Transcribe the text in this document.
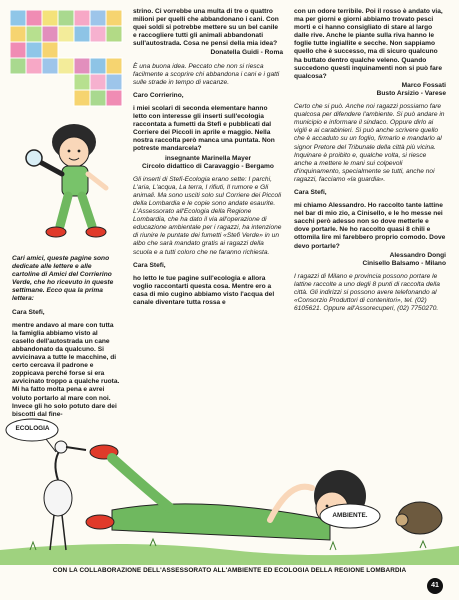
Cari amici, queste pagine sono dedicate alle lettere e alle cartoline di Amici del Corrierino Verde, che ho ricevuto in queste settimane. Ecco qua la prima lettera:

Cara Stefi,

mentre andavo al mare con tutta la famiglia abbiamo visto al casello dell'autostrada un cane abbandonato da qualcuno. Si avvicinava a tutte le macchine, di certo cercava il padrone e zoppicava perché forse si era avvicinato troppo a qualche ruota. Mi ha fatto molta pena e avrei voluto portarlo al mare con noi. Invece gli ho solo potuto dare dei biscotti dal fine-

strino. Ci vorrebbe una multa di tre o quattro milioni per quelli che abbandonano i cani. Con quei soldi si potrebbe mettere su un bel canile e raccogliere tutti gli animali abbandonati sull'autostrada. Cosa ne pensi della mia idea?

Donatella Guidi - Roma

È una buona idea. Peccato che non si riesca facilmente a scoprire chi abbandona i cani e i gatti sulle strade in tempo di vacanze.

Caro Corrierino,

i miei scolari di seconda elementare hanno letto con interesse gli inserti sull'ecologia raccontata a fumetti da Stefi e pubblicati dal Corriere dei Piccoli in aprile e maggio. Nella nostra raccolta però manca una puntata. Non potreste mandarcela?

insegnante Marinella Mayer

Circolo didattico di Caravaggio - Bergamo

Gli inserti di Stefi-Ecologia erano sette: I parchi, L'aria, L'acqua, La terra, I rifiuti, Il rumore e Gli animali. Ma sono usciti solo sul Corriere dei Piccoli della Lombardia e le copie sono andate esaurite. L'Assessorato all'Ecologia della Regione Lombardia, che ha dato il via all'operazione di educazione ambientale per i ragazzi, ha intenzione di riunire le puntate dei fumetti «Stefi Verde» in un albo che sarà mandato gratis ai ragazzi della scuola e a tutti coloro che ne faranno richiesta.

Cara Stefi,

ho letto le tue pagine sull'ecologia e allora voglio raccontarti questa cosa. Mentre ero a casa di mio cugino abbiamo visto l'acqua del canale diventare tutta rossa e

con un odore terribile. Poi il rosso è andato via, ma per giorni e giorni abbiamo trovato pesci morti e ci hanno consigliato di stare al largo dalle rive. Anche le piante sulla riva hanno le foglie tutte ingiallite e secche. Non sappiamo quello che è successo, ma di sicuro qualcuno ha buttato dentro qualche veleno. Quando succedono questi inquinamenti non si può fare qualcosa?

Marco Fossati

Busto Arsizio - Varese

Certo che si può. Anche noi ragazzi possiamo fare qualcosa per difendere l'ambiente. Si può andare in municipio e informare il sindaco. Oppure dirlo ai vigili e ai carabinieri. Si può anche scrivere quello che è accaduto su un foglio, firmarlo e mandarlo al signor Pretore del Tribunale della città più vicina. Inquinare è proibito e, qualche volta, si riesce anche a mettere le mani sui colpevoli d'inquinamento, specialmente se tutti, anche noi ragazzi, facciamo «la guardia».

Cara Stefi,

mi chiamo Alessandro. Ho raccolto tante lattine nel bar di mio zio, a Cinisello, e le ho messe nei sacchi però adesso non so dove metterle e dove portarle. Ne ho raccolto quasi 8 chili e ottomila lire mi farebbero proprio comodo. Dove devo portarle?

Alessandro Dongi

Cinisello Balsamo - Milano

I ragazzi di Milano e provincia possono portare le lattine raccolte a uno degli 8 punti di raccolta della città. Gli indirizzi si possono avere telefonando al «Consorzio Produttori di contenitori», tel. (02) 6105621. Oppure all'Assorecuperi, (02) 7750270.

ECOLOGIA
AMBIENTE.
CON LA COLLABORAZIONE DELL'ASSESSORATO ALL'AMBIENTE ED ECOLOGIA DELLA REGIONE LOMBARDIA
41
